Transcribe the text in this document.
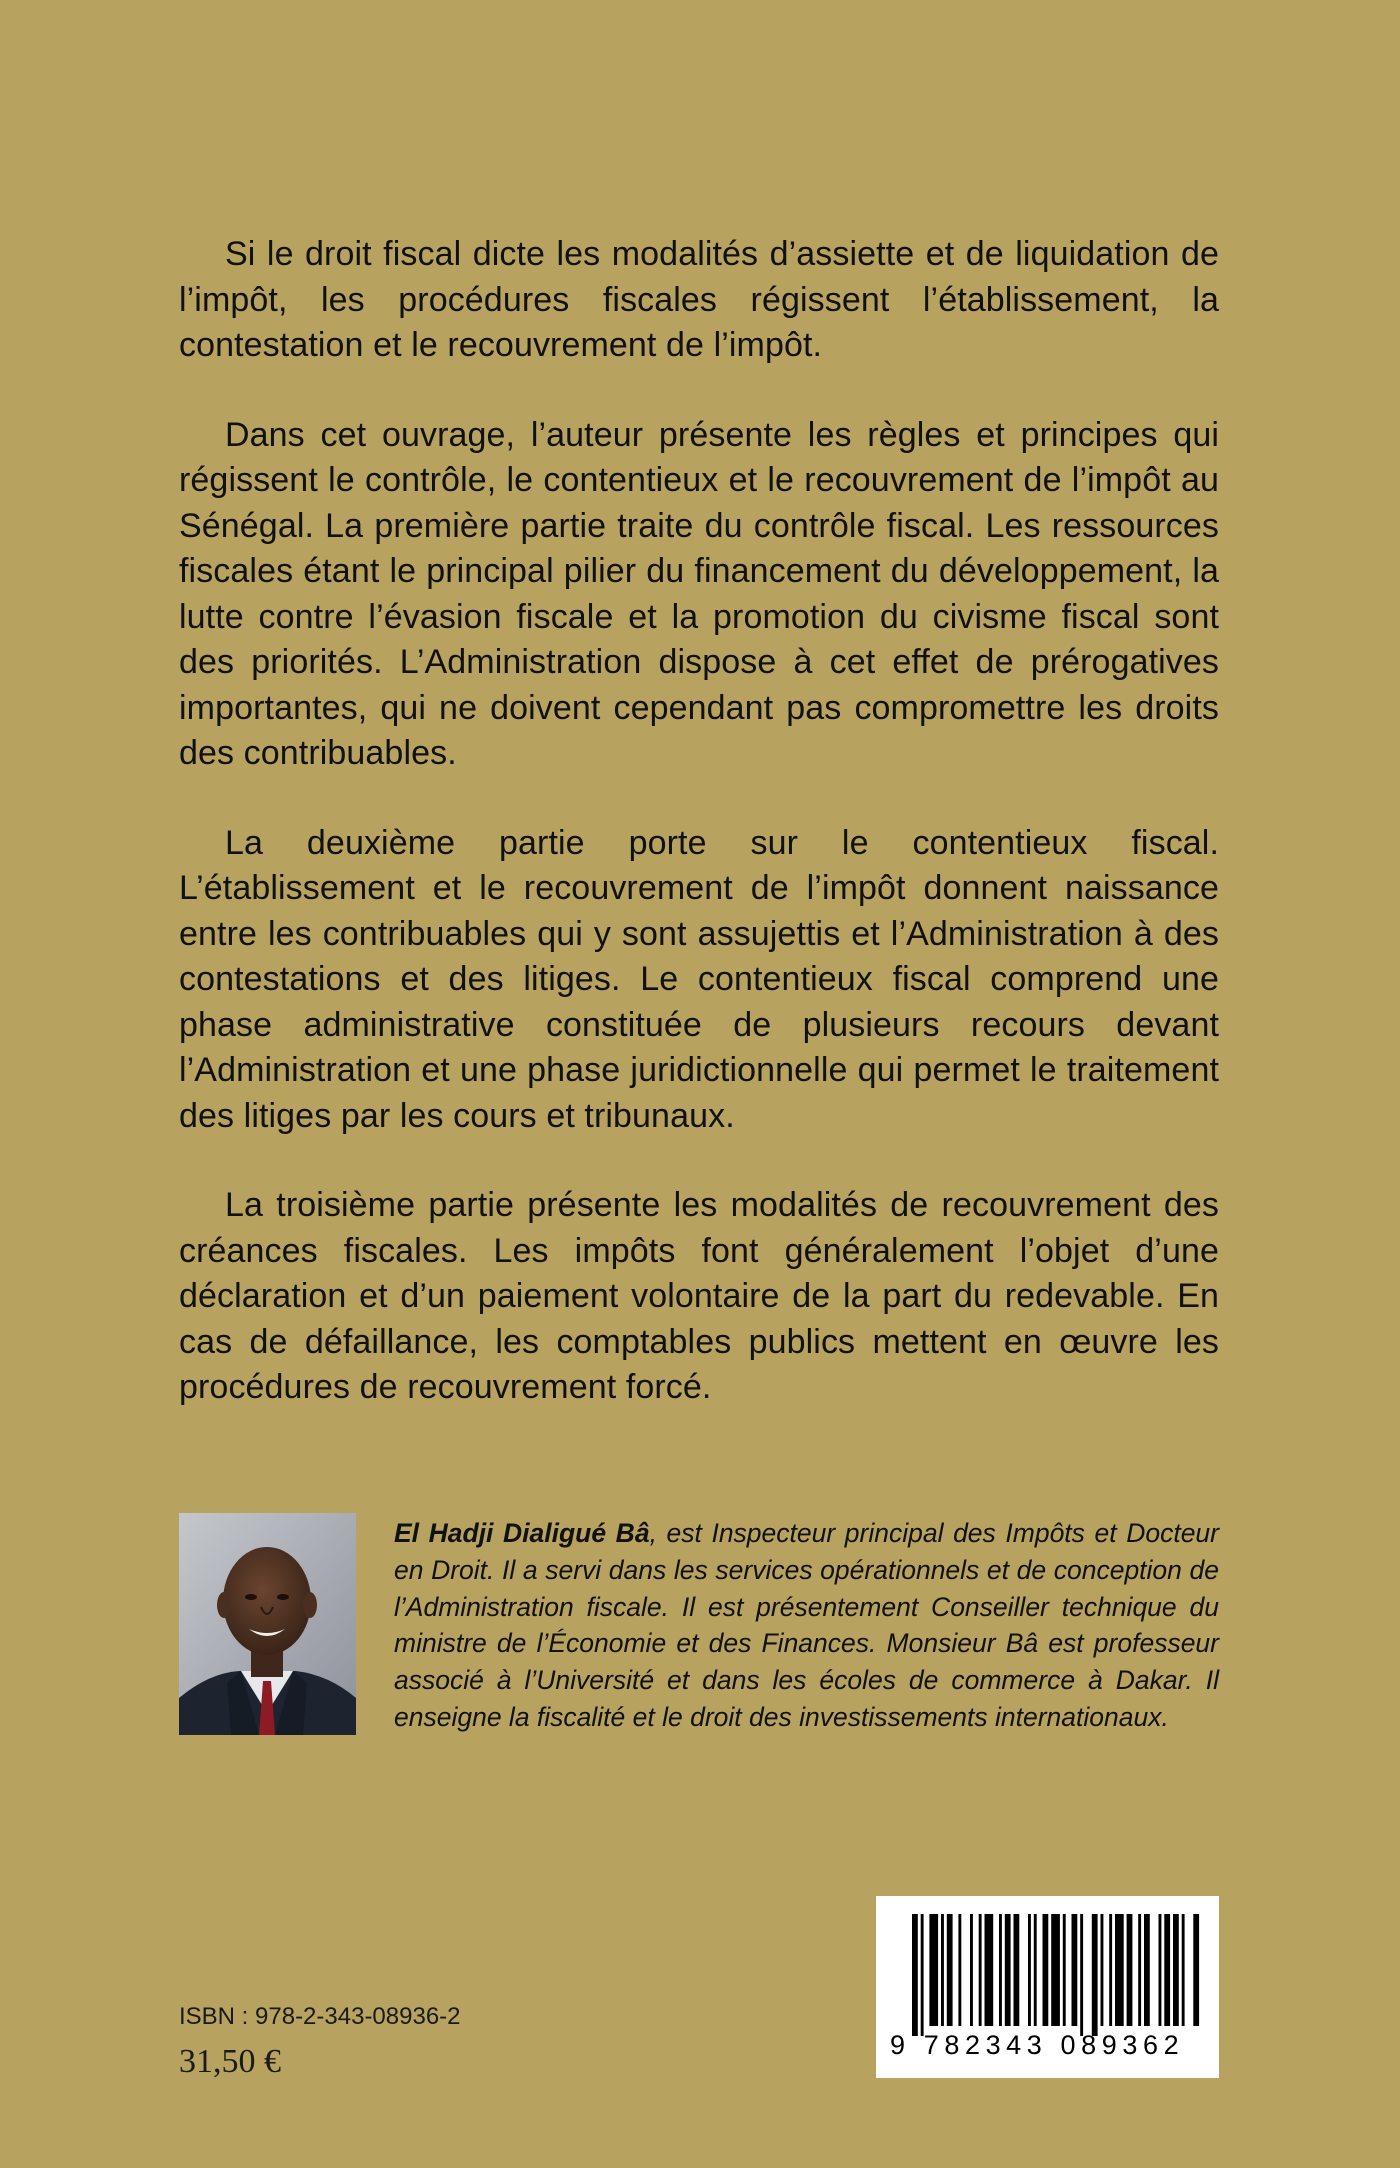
Si le droit fiscal dicte les modalités d’assiette et de liquidation de l’impôt, les procédures fiscales régissent l’établissement, la contestation et le recouvrement de l’impôt.

Dans cet ouvrage, l’auteur présente les règles et principes qui régissent le contrôle, le contentieux et le recouvrement de l’impôt au Sénégal. La première partie traite du contrôle fiscal. Les ressources fiscales étant le principal pilier du financement du développement, la lutte contre l’évasion fiscale et la promotion du civisme fiscal sont des priorités. L’Administration dispose à cet effet de prérogatives importantes, qui ne doivent cependant pas compromettre les droits des contribuables.

La deuxième partie porte sur le contentieux fiscal. L’établissement et le recouvrement de l’impôt donnent naissance entre les contribuables qui y sont assujettis et l’Administration à des contestations et des litiges. Le contentieux fiscal comprend une phase administrative constituée de plusieurs recours devant l’Administration et une phase juridictionnelle qui permet le traitement des litiges par les cours et tribunaux.

La troisième partie présente les modalités de recouvrement des créances fiscales. Les impôts font généralement l’objet d’une déclaration et d’un paiement volontaire de la part du redevable. En cas de défaillance, les comptables publics mettent en œuvre les procédures de recouvrement forcé.

El Hadji Dialigué Bâ, est Inspecteur principal des Impôts et Docteur en Droit. Il a servi dans les services opérationnels et de conception de l’Administration fiscale. Il est présentement Conseiller technique du ministre de l’Économie et des Finances. Monsieur Bâ est professeur associé à l’Université et dans les écoles de commerce à Dakar. Il enseigne la fiscalité et le droit des investissements internationaux.

ISBN : 978-2-343-08936-2
31,50 €	9 782343 089362
